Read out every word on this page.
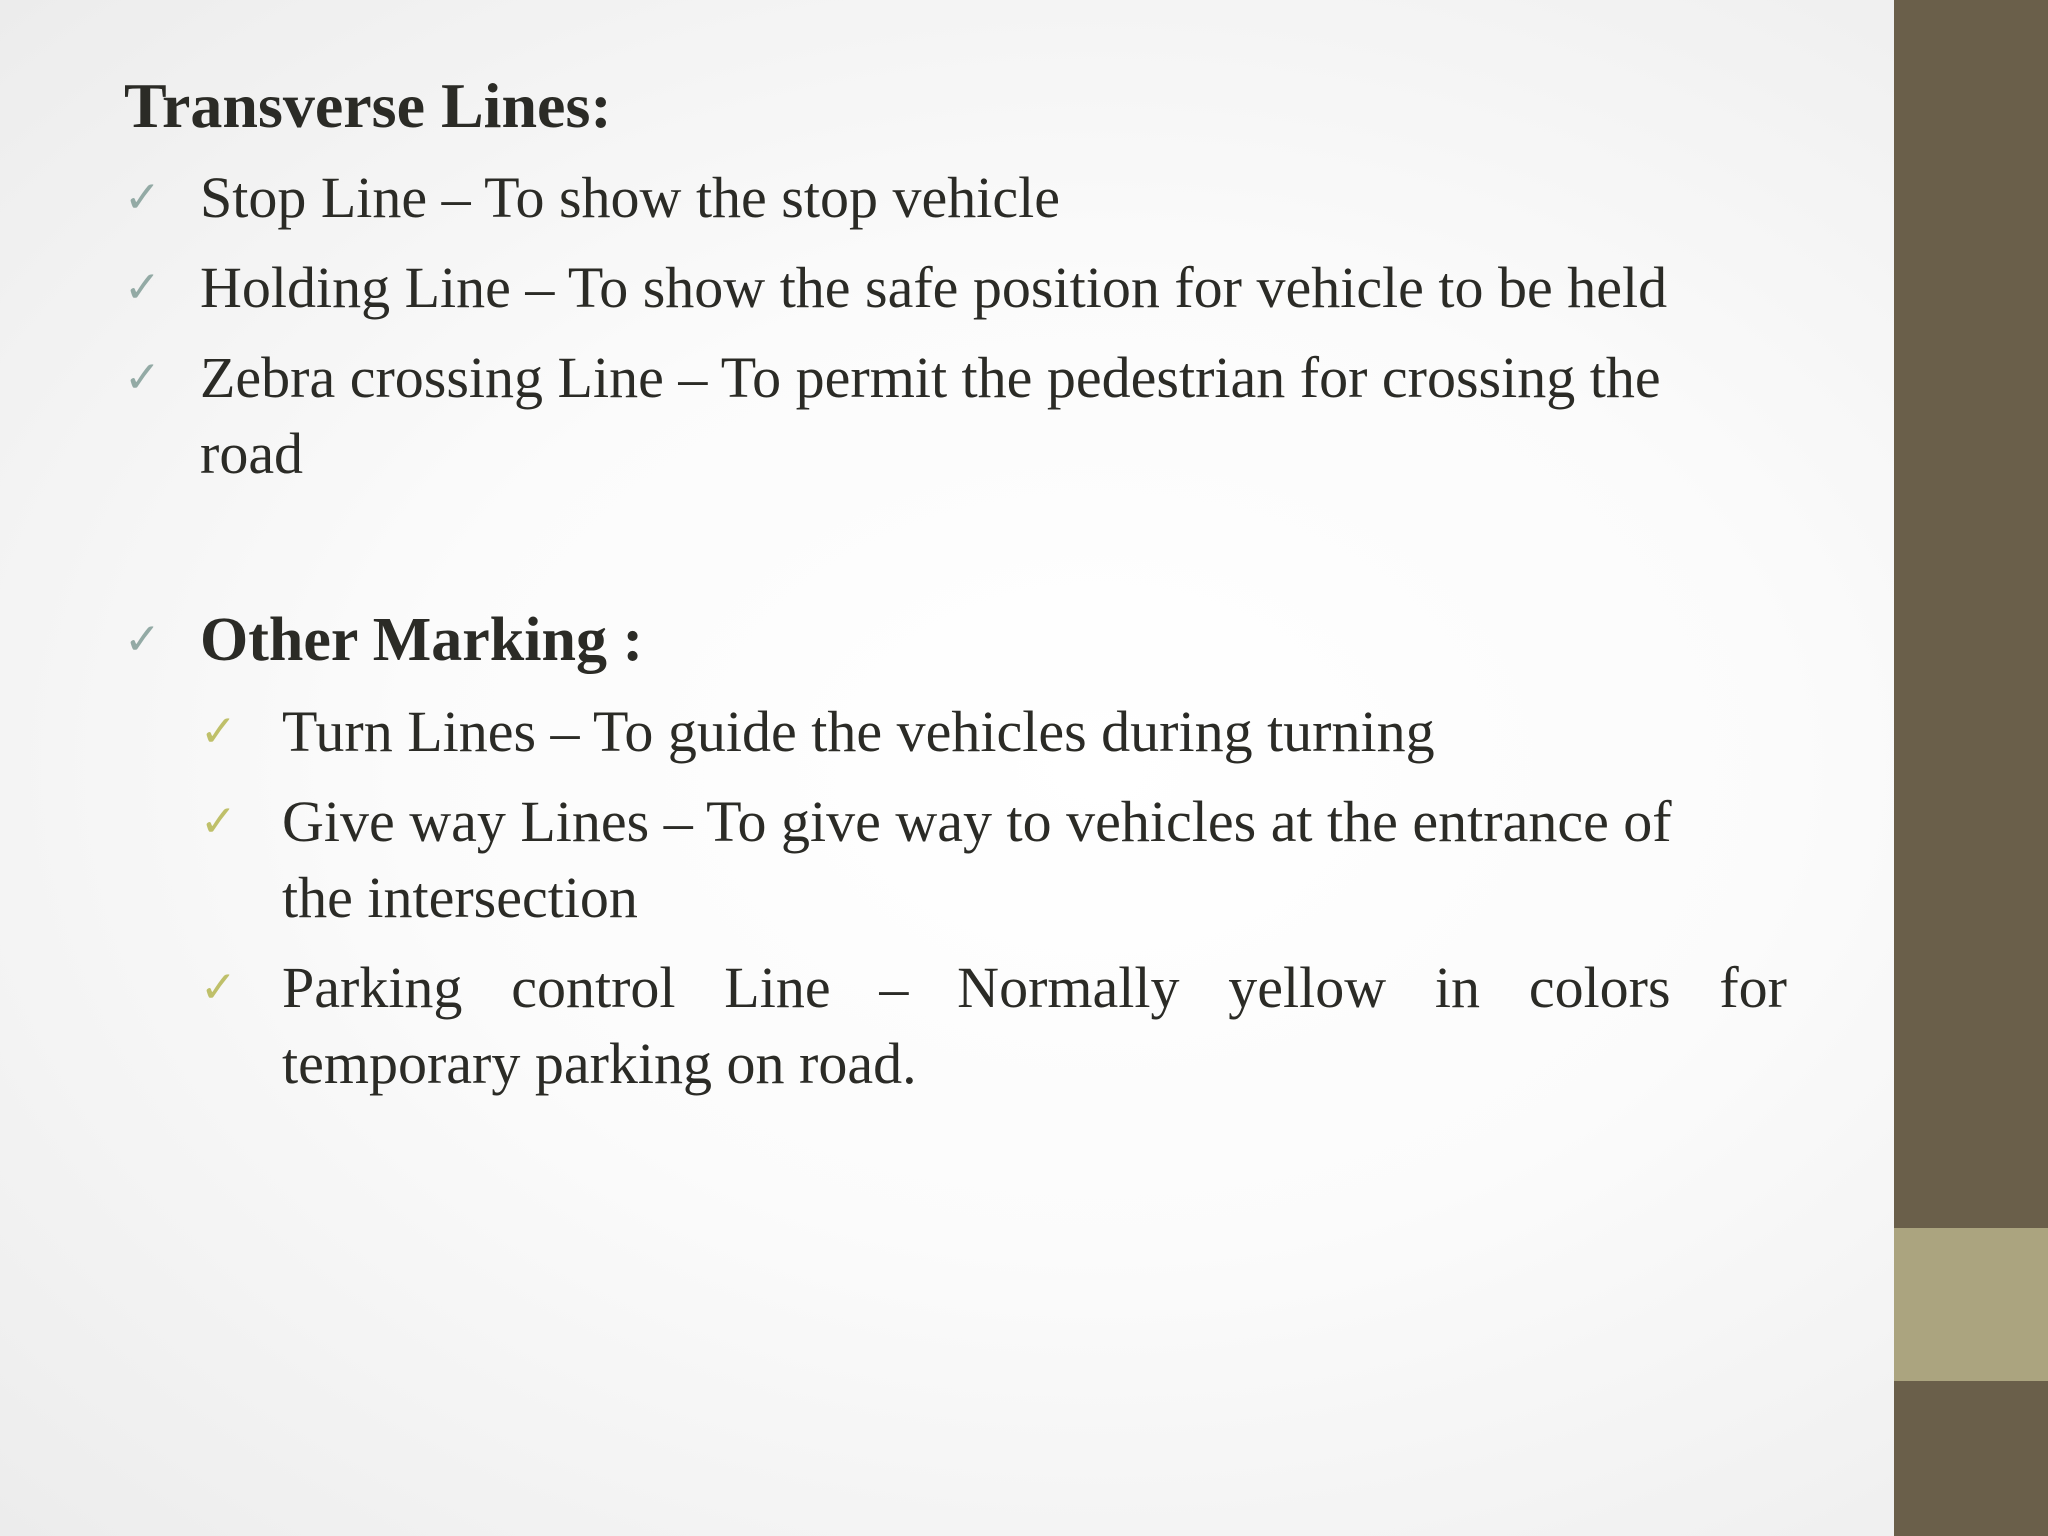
Transverse Lines:
✓ Stop Line – To show the stop vehicle
✓ Holding Line – To show the safe position for vehicle to be held
✓ Zebra crossing Line – To permit the pedestrian for crossing the
road
✓ Other Marking :
✓ Turn Lines – To guide the vehicles during turning
✓ Give way Lines – To give way to vehicles at the entrance of
the intersection
✓ Parking control Line – Normally yellow in colors for
temporary parking on road.
